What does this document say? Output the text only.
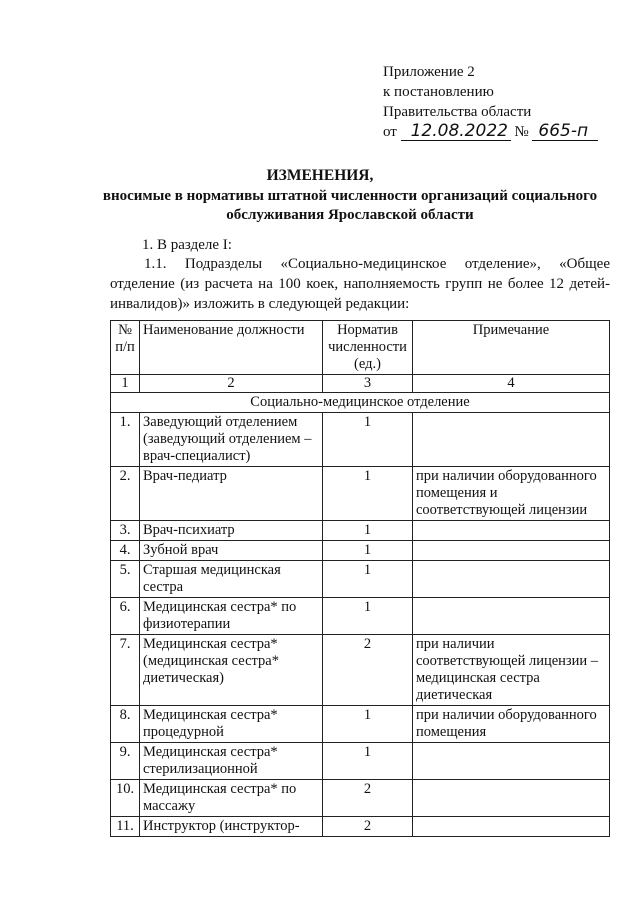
Приложение 2
к постановлению
Правительства области
от 12.08.2022 № 665-п
ИЗМЕНЕНИЯ,
вносимые в нормативы штатной численности организаций социального обслуживания Ярославской области
1. В разделе I:
1.1. Подразделы «Социально-медицинское отделение», «Общее отделение (из расчета на 100 коек, наполняемость групп не более 12 детей-инвалидов)» изложить в следующей редакции:
№ п/п	Наименование должности	Норматив численности (ед.)	Примечание
1	2	3	4
Социально-медицинское отделение			
1.	Заведующий отделением (заведующий отделением – врач-специалист)	1	
2.	Врач-педиатр	1	при наличии оборудованного помещения и соответствующей лицензии
3.	Врач-психиатр	1	
4.	Зубной врач	1	
5.	Старшая медицинская сестра	1	
6.	Медицинская сестра* по физиотерапии	1	
7.	Медицинская сестра* (медицинская сестра* диетическая)	2	при наличии соответствующей лицензии – медицинская сестра диетическая
8.	Медицинская сестра* процедурной	1	при наличии оборудованного помещения
9.	Медицинская сестра* стерилизационной	1	
10.	Медицинская сестра* по массажу	2	
11.	Инструктор (инструктор-	2	
